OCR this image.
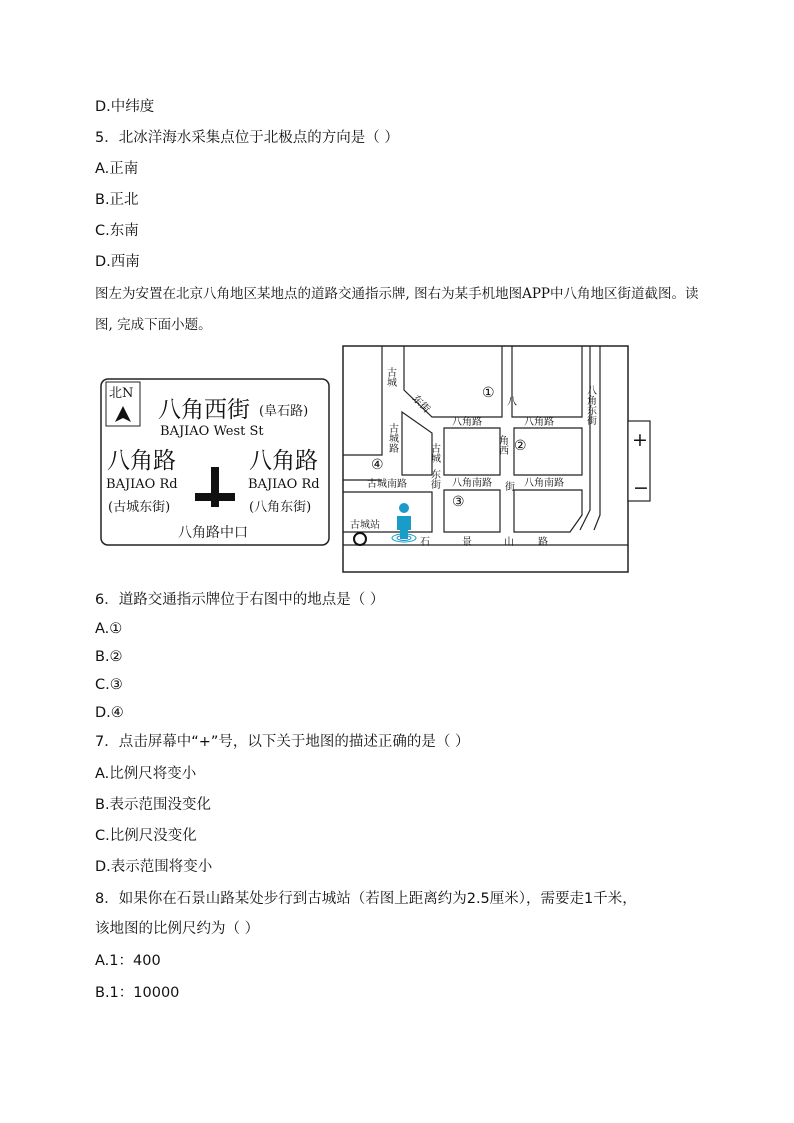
D.中纬度
5．北冰洋海水采集点位于北极点的方向是（ ）
A.正南
B.正北
C.东南
D.西南
图左为安置在北京八角地区某地点的道路交通指示牌, 图右为某手机地图APP中八角地区街道截图。读图, 完成下面小题。
北N
八角西街 (阜石路)
BAJIAO West St
八角路
BAJIAO Rd
(古城东街)
八角路
BAJIAO Rd
(八角东街)
八角路中口
古城
东街
古城路	古城
八角路	八角路
八
角西
街
八角东街
古城南路	八角南路	八角南路
东街
①
②
③
④
古城站
石	景	山 路
+
−
6．道路交通指示牌位于右图中的地点是（ ）
A.①
B.②
C.③
D.④
7．点击屏幕中“+”号，以下关于地图的描述正确的是（ ）
A.比例尺将变小
B.表示范围没变化
C.比例尺没变化
D.表示范围将变小
8．如果你在石景山路某处步行到古城站（若图上距离约为2.5厘米），需要走1千米，
该地图的比例尺约为（ ）
A.1：400
B.1：10000
